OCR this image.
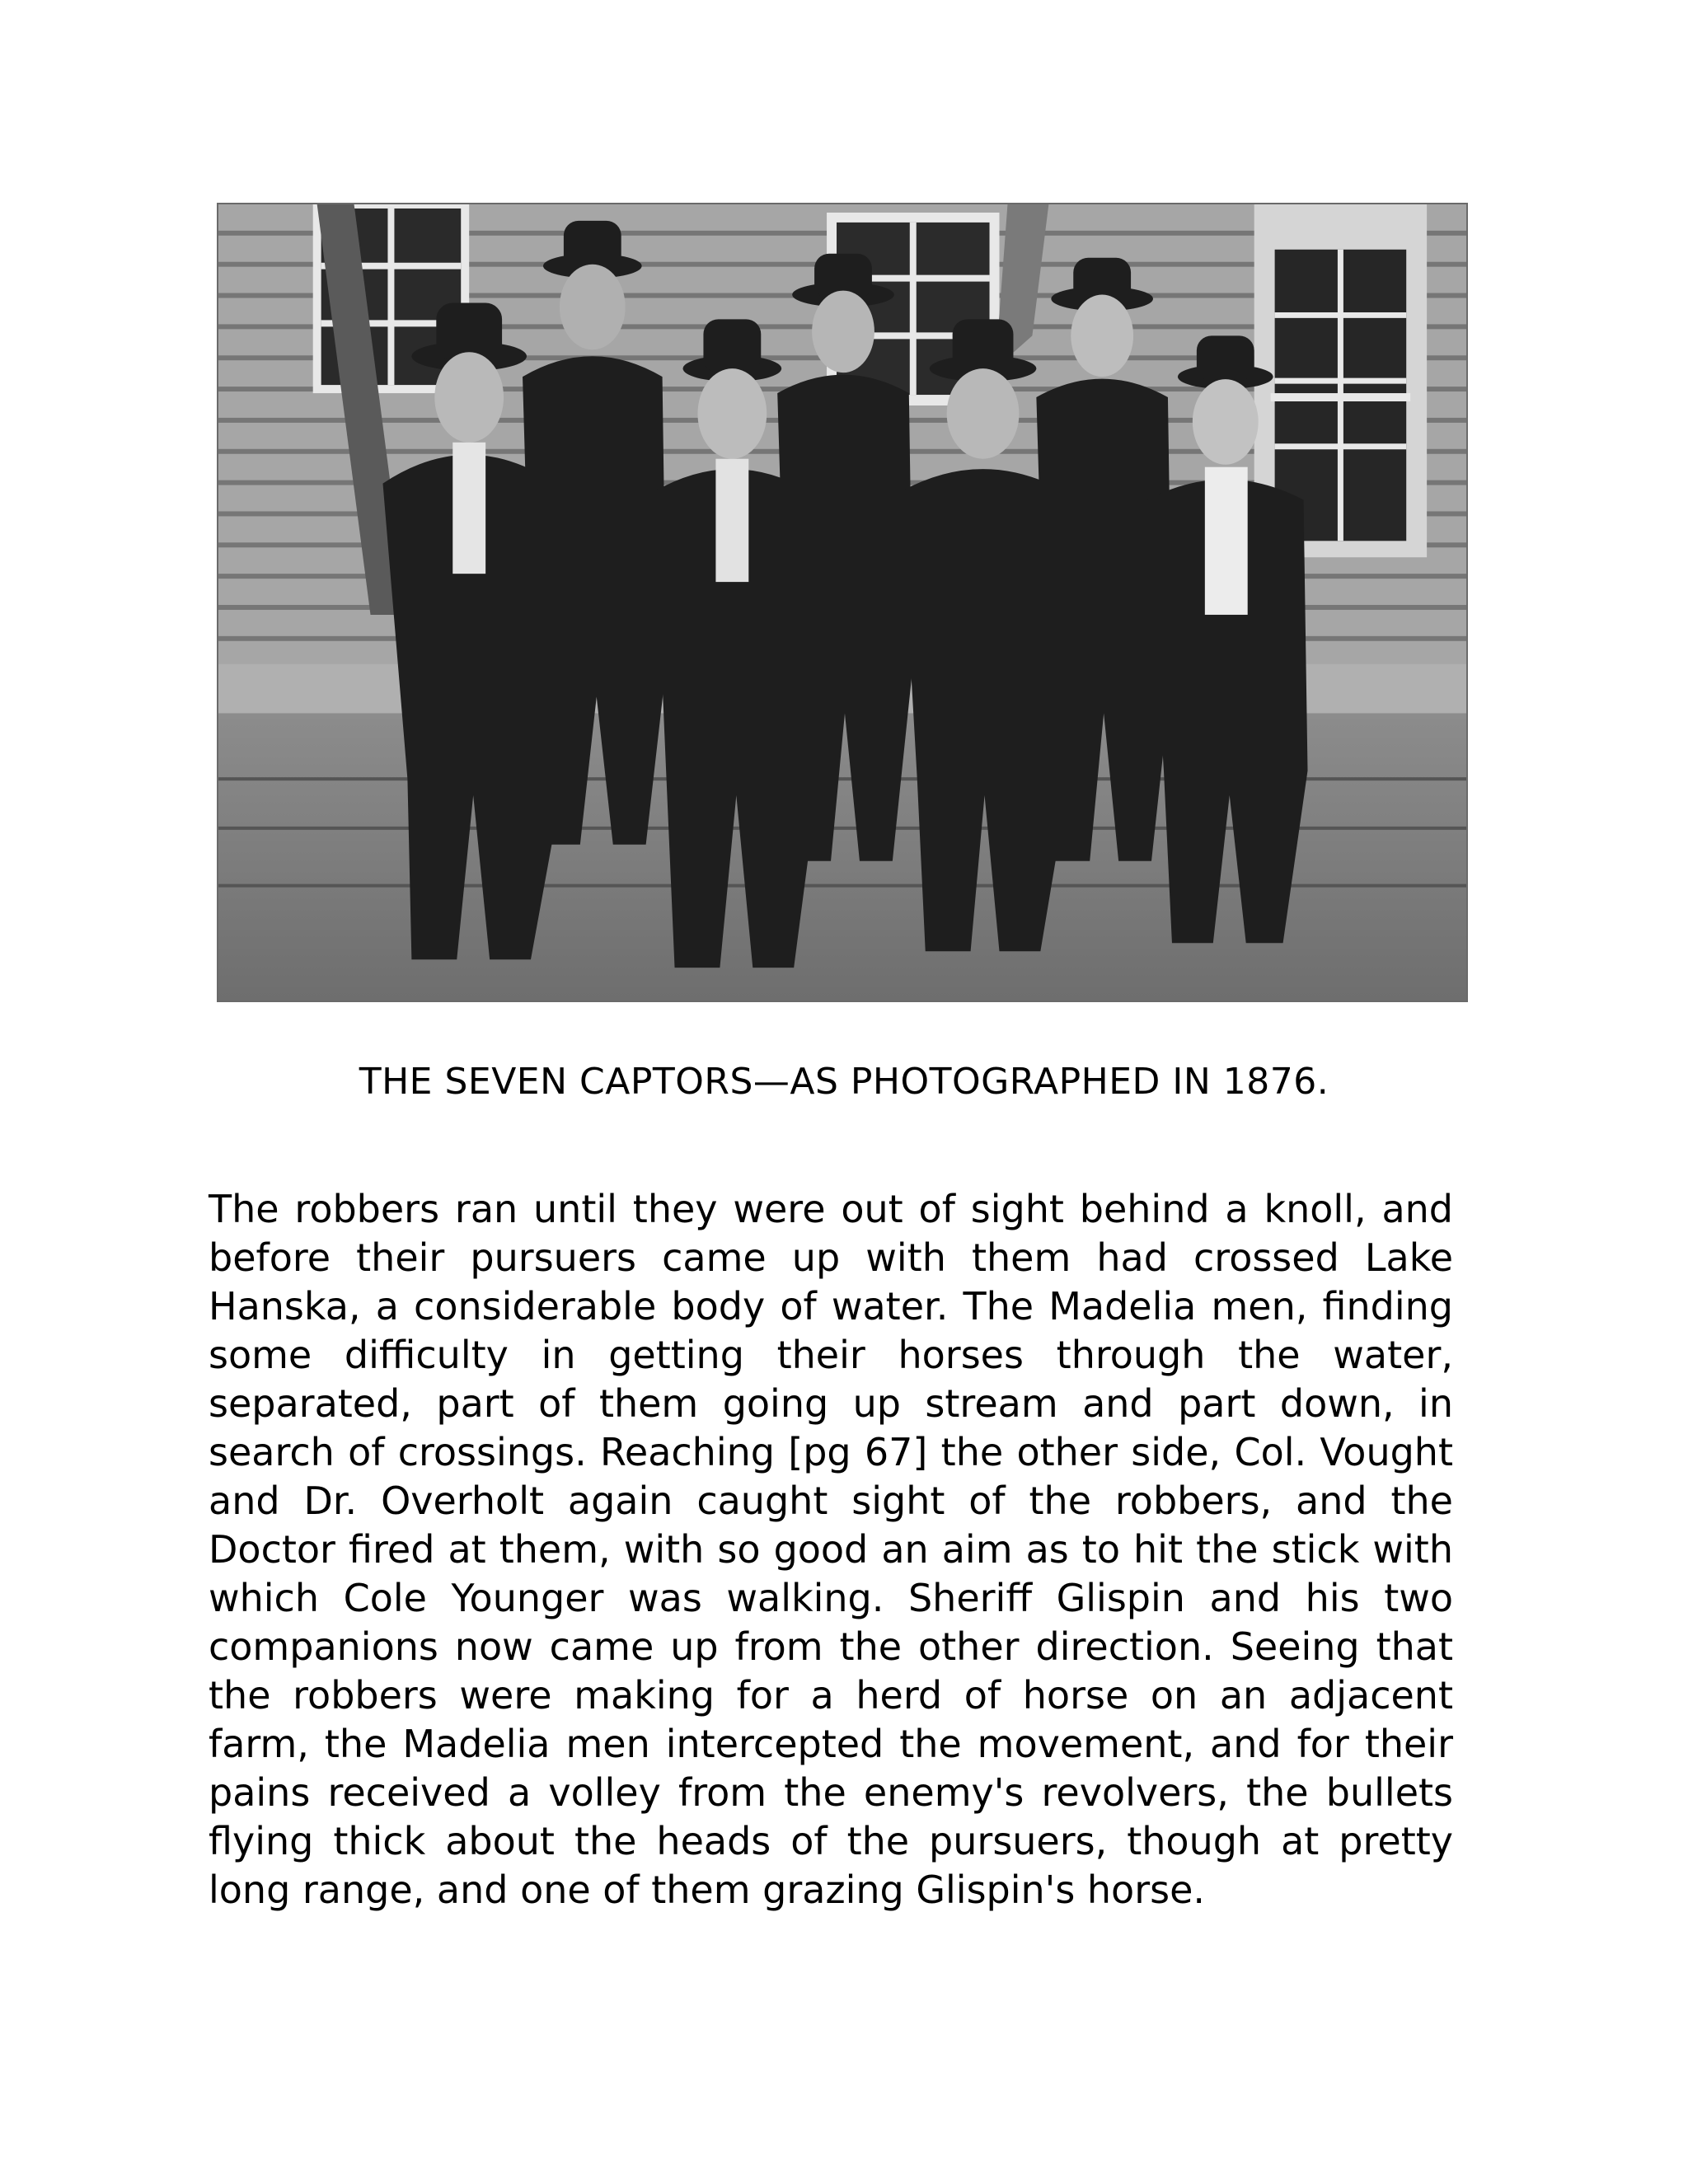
THE SEVEN CAPTORS—AS PHOTOGRAPHED IN 1876.
The robbers ran until they were out of sight behind a knoll, and before their pursuers came up with them had crossed Lake Hanska, a considerable body of water. The Madelia men, finding some difficulty in getting their horses through the water, separated, part of them going up stream and part down, in search of crossings. Reaching [pg 67] the other side, Col. Vought and Dr. Overholt again caught sight of the robbers, and the Doctor fired at them, with so good an aim as to hit the stick with which Cole Younger was walking. Sheriff Glispin and his two companions now came up from the other direction. Seeing that the robbers were making for a herd of horse on an adjacent farm, the Madelia men intercepted the movement, and for their pains received a volley from the enemy's revolvers, the bullets flying thick about the heads of the pursuers, though at pretty long range, and one of them grazing Glispin's horse.
